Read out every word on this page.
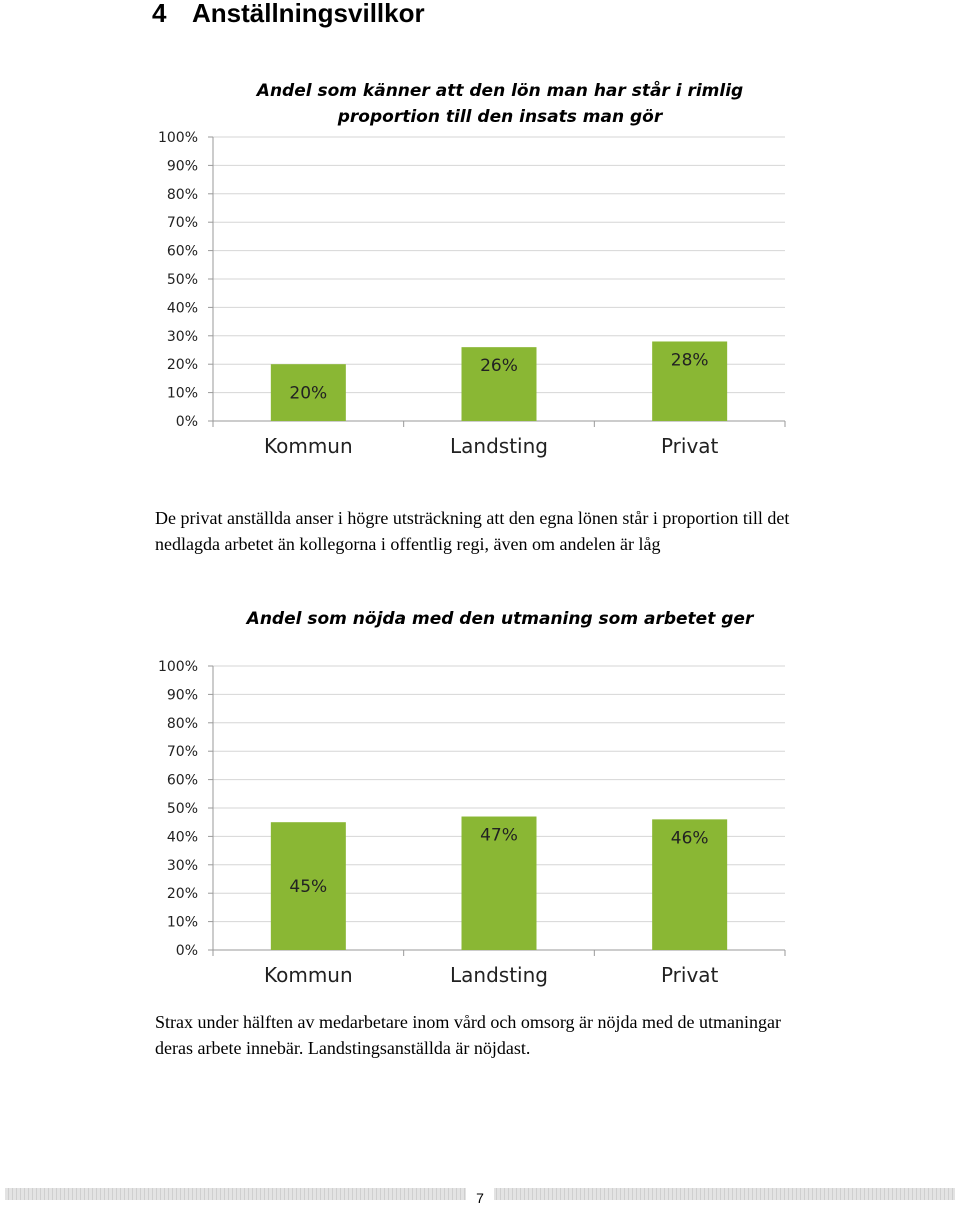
4 Anställningsvillkor
Andel som känner att den lön man har står i rimlig
proportion till den insats man gör
0%
10%
20%
30%
40%
50%
60%
70%
80%
90%
100%
20%
Kommun
26%
Landsting
28%
Privat

De privat anställda anser i högre utsträckning att den egna lönen står i proportion till det nedlagda arbetet än kollegorna i offentlig regi, även om andelen är låg

Andel som nöjda med den utmaning som arbetet ger
0%
10%
20%
30%
40%
50%
60%
70%
80%
90%
100%
45%
Kommun
47%
Landsting
46%
Privat

Strax under hälften av medarbetare inom vård och omsorg är nöjda med de utmaningar deras arbete innebär. Landstingsanställda är nöjdast.

7
